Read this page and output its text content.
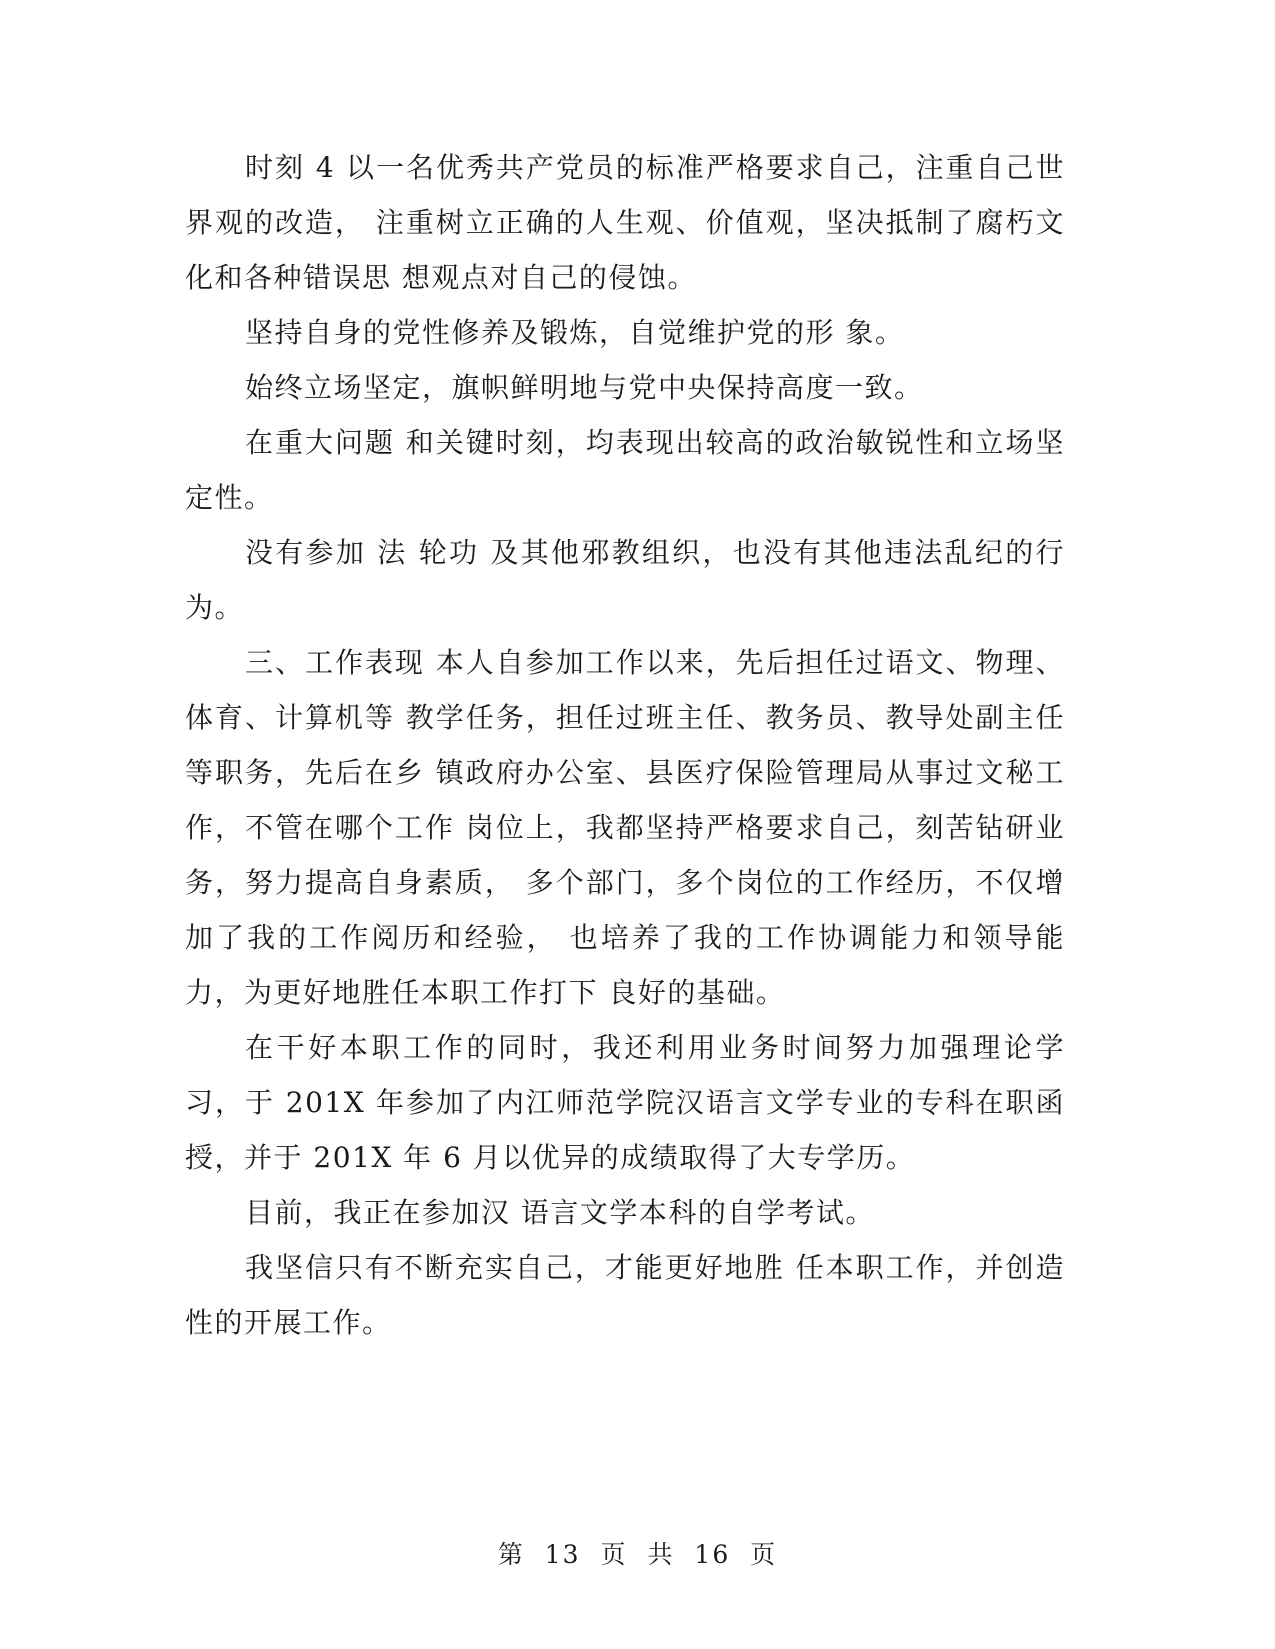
时刻 4 以一名优秀共产党员的标准严格要求自己，注重自己世界观的改造， 注重树立正确的人生观、价值观，坚决抵制了腐朽文化和各种错误思 想观点对自己的侵蚀。

坚持自身的党性修养及锻炼，自觉维护党的形 象。

始终立场坚定，旗帜鲜明地与党中央保持高度一致。

在重大问题 和关键时刻，均表现出较高的政治敏锐性和立场坚定性。

没有参加 法 轮功 及其他邪教组织，也没有其他违法乱纪的行为。

三、工作表现 本人自参加工作以来，先后担任过语文、物理、体育、计算机等 教学任务，担任过班主任、教务员、教导处副主任等职务，先后在乡 镇政府办公室、县医疗保险管理局从事过文秘工作，不管在哪个工作 岗位上，我都坚持严格要求自己，刻苦钻研业务，努力提高自身素质， 多个部门，多个岗位的工作经历，不仅增加了我的工作阅历和经验， 也培养了我的工作协调能力和领导能力，为更好地胜任本职工作打下 良好的基础。

在干好本职工作的同时，我还利用业务时间努力加强理论学习，于 201X 年参加了内江师范学院汉语言文学专业的专科在职函授，并于 201X 年 6 月以优异的成绩取得了大专学历。

目前，我正在参加汉 语言文学本科的自学考试。

我坚信只有不断充实自己，才能更好地胜 任本职工作，并创造性的开展工作。

第 13 页 共 16 页
